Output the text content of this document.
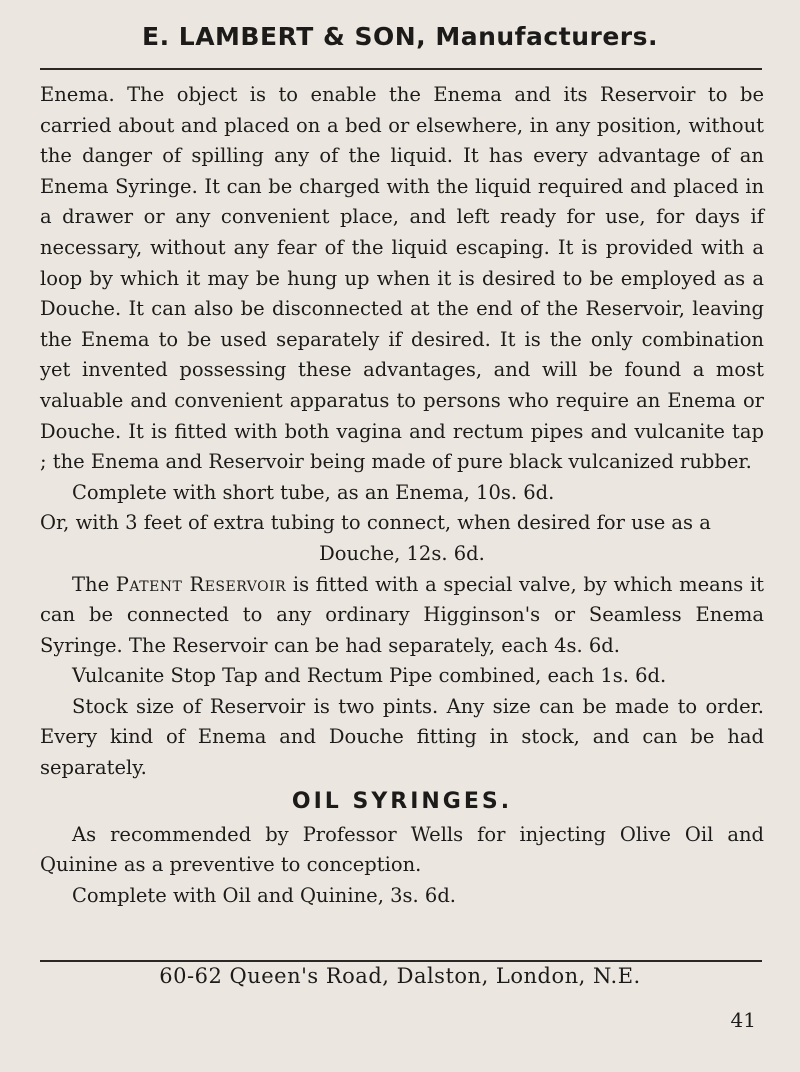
E. LAMBERT & SON, Manufacturers.

Enema. The object is to enable the Enema and its Reservoir to be carried about and placed on a bed or elsewhere, in any position, without the danger of spilling any of the liquid. It has every advantage of an Enema Syringe. It can be charged with the liquid required and placed in a drawer or any convenient place, and left ready for use, for days if necessary, without any fear of the liquid escaping. It is provided with a loop by which it may be hung up when it is desired to be employed as a Douche. It can also be disconnected at the end of the Reservoir, leaving the Enema to be used separately if desired. It is the only combination yet invented possessing these advantages, and will be found a most valuable and convenient apparatus to persons who require an Enema or Douche. It is fitted with both vagina and rectum pipes and vulcanite tap ; the Enema and Reservoir being made of pure black vulcanized rubber.

Complete with short tube, as an Enema, 10s. 6d.

Or, with 3 feet of extra tubing to connect, when desired for use as a
Douche, 12s. 6d.

The Patent Reservoir is fitted with a special valve, by which means it can be connected to any ordinary Higginson's or Seamless Enema Syringe. The Reservoir can be had separately, each 4s. 6d.

Vulcanite Stop Tap and Rectum Pipe combined, each 1s. 6d.

Stock size of Reservoir is two pints. Any size can be made to order. Every kind of Enema and Douche fitting in stock, and can be had separately.

OIL SYRINGES.

As recommended by Professor Wells for injecting Olive Oil and Quinine as a preventive to conception.

Complete with Oil and Quinine, 3s. 6d.

60-62 Queen's Road, Dalston, London, N.E.
41
